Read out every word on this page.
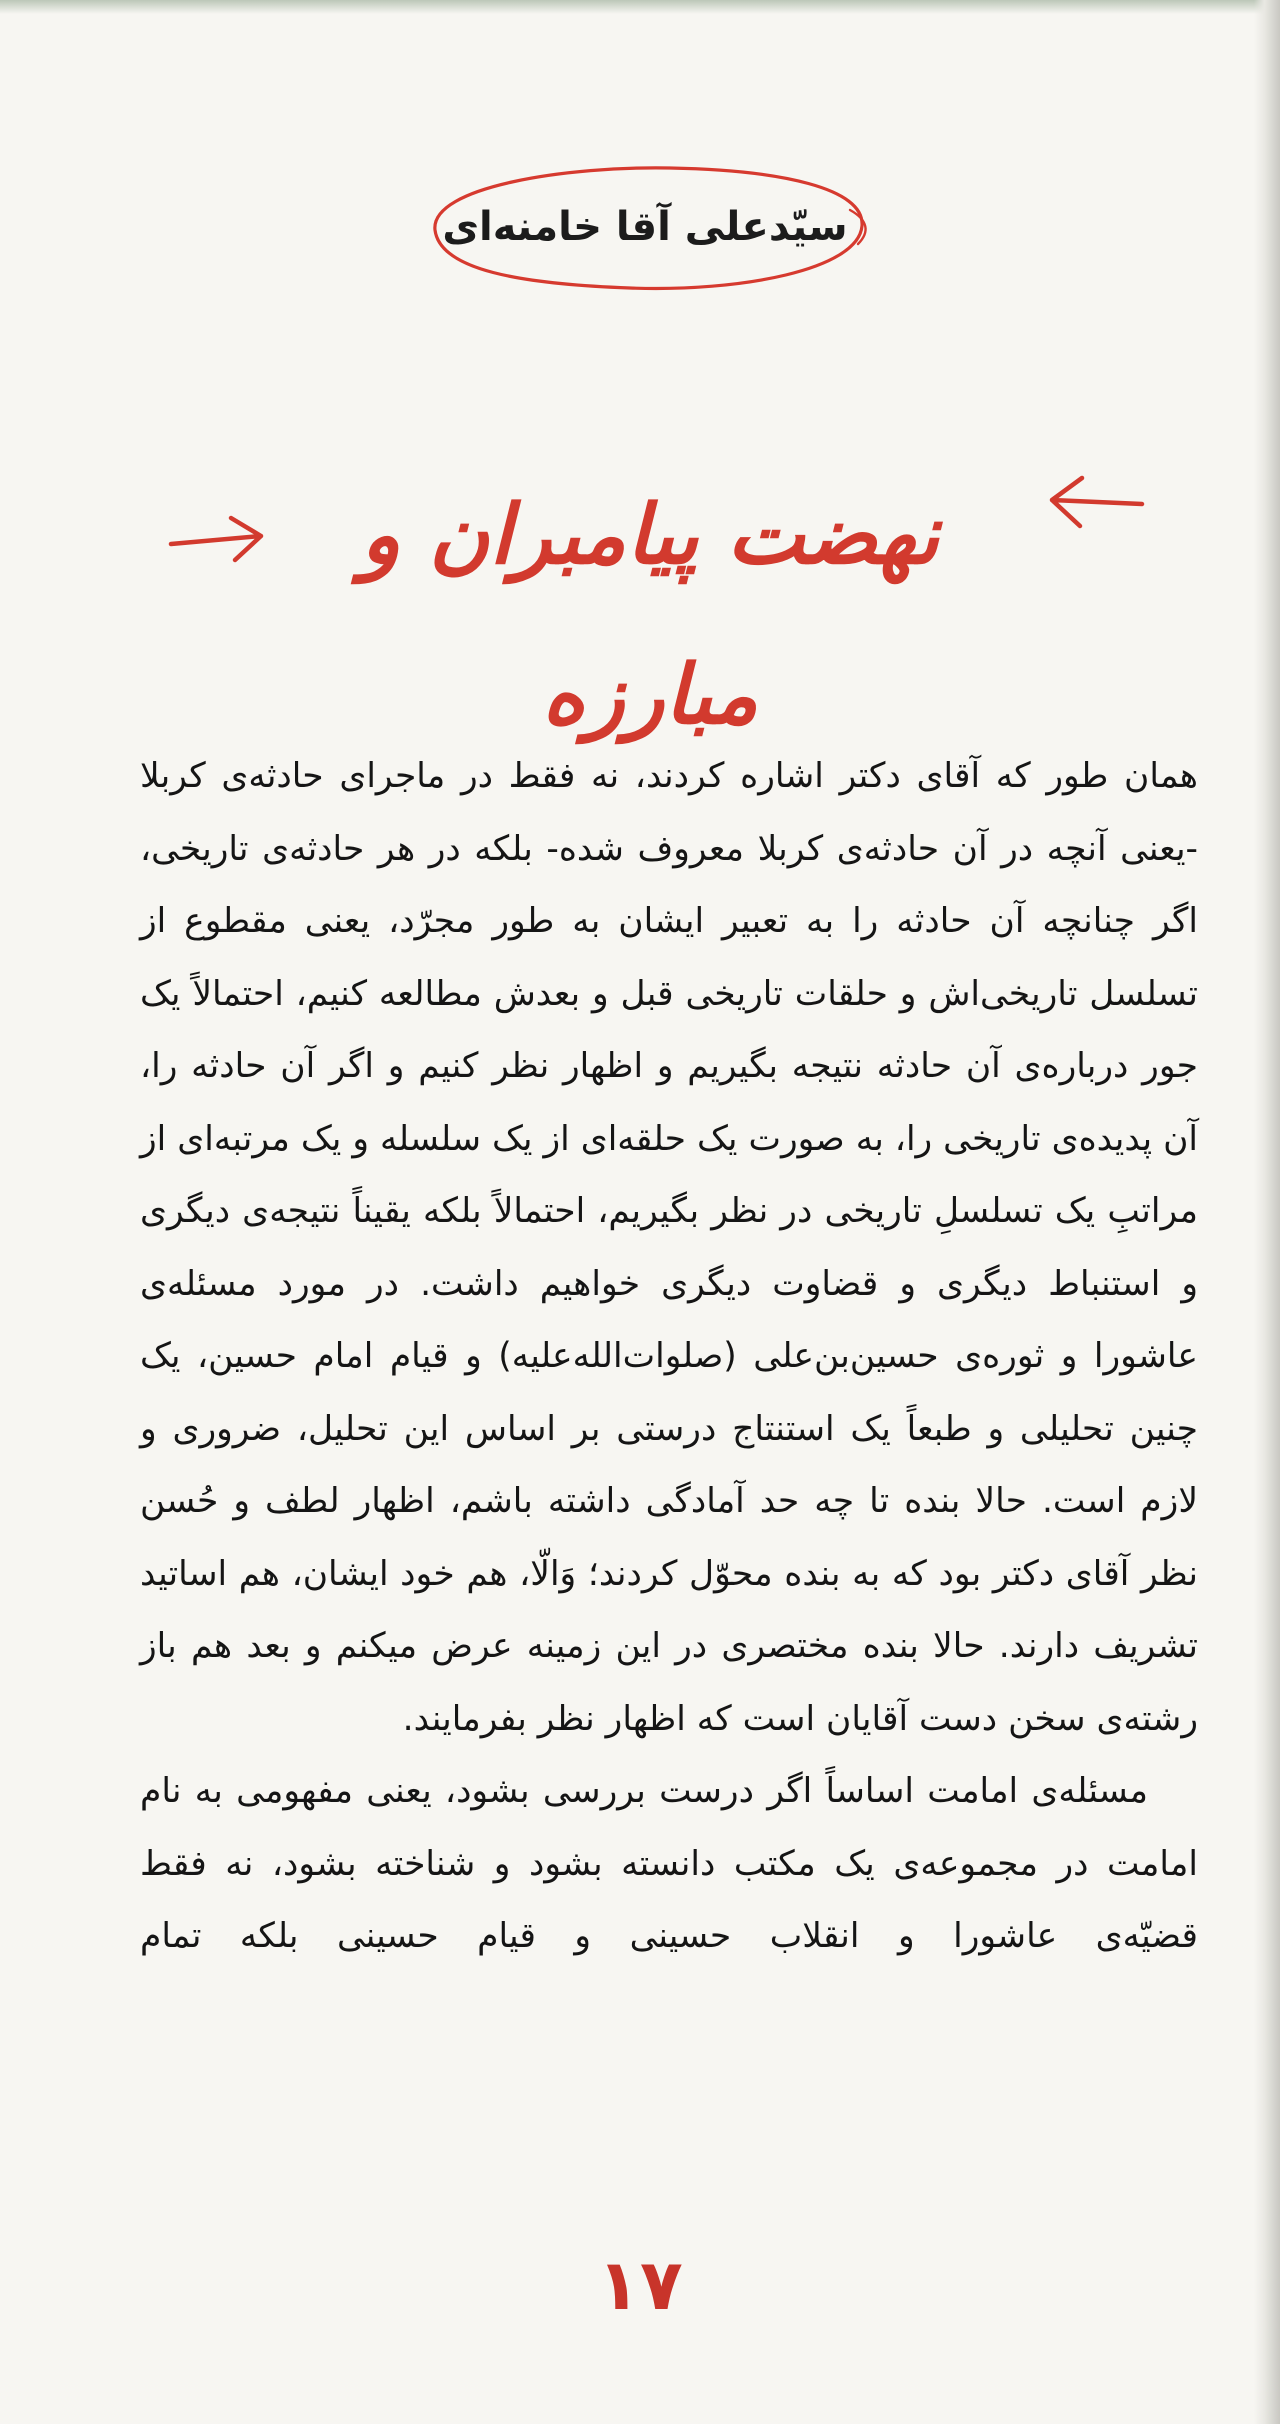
سیّدعلی آقا خامنه‌ای
نهضت پیامبران و مبارزه

همان طور که آقای دکتر اشاره کردند، نه فقط در ماجرای حادثه‌ی کربلا -یعنی آنچه در آن حادثه‌ی کربلا معروف شده- بلکه در هر حادثه‌ی تاریخی، اگر چنانچه آن حادثه را به تعبیر ایشان به طور مجرّد، یعنی مقطوع از تسلسل تاریخی‌اش و حلقات تاریخی قبل و بعدش مطالعه کنیم، احتمالاً یک جور درباره‌ی آن حادثه نتیجه بگیریم و اظهار نظر کنیم و اگر آن حادثه را، آن پدیده‌ی تاریخی را، به صورت یک حلقه‌ای از یک سلسله و یک مرتبه‌ای از مراتبِ یک تسلسلِ تاریخی در نظر بگیریم، احتمالاً بلکه یقیناً نتیجه‌ی دیگری و استنباط دیگری و قضاوت دیگری خواهیم داشت. در مورد مسئله‌ی عاشورا و ثوره‌ی حسین‌بن‌علی (صلوات‌الله‌علیه) و قیام امام حسین، یک چنین تحلیلی و طبعاً یک استنتاج درستی بر اساس این تحلیل، ضروری و لازم است. حالا بنده تا چه حد آمادگی داشته باشم، اظهار لطف و حُسن نظر آقای دکتر بود که به بنده محوّل کردند؛ وَالّا، هم خود ایشان، هم اساتید تشریف دارند. حالا بنده مختصری در این زمینه عرض میکنم و بعد هم باز رشته‌ی سخن دست آقایان است که اظهار نظر بفرمایند.

مسئله‌ی امامت اساساً اگر درست بررسی بشود، یعنی مفهومی به نام امامت در مجموعه‌ی یک مکتب دانسته بشود و شناخته بشود، نه فقط قضیّه‌ی عاشورا و انقلاب حسینی و قیام حسینی بلکه تمام

۱۷
